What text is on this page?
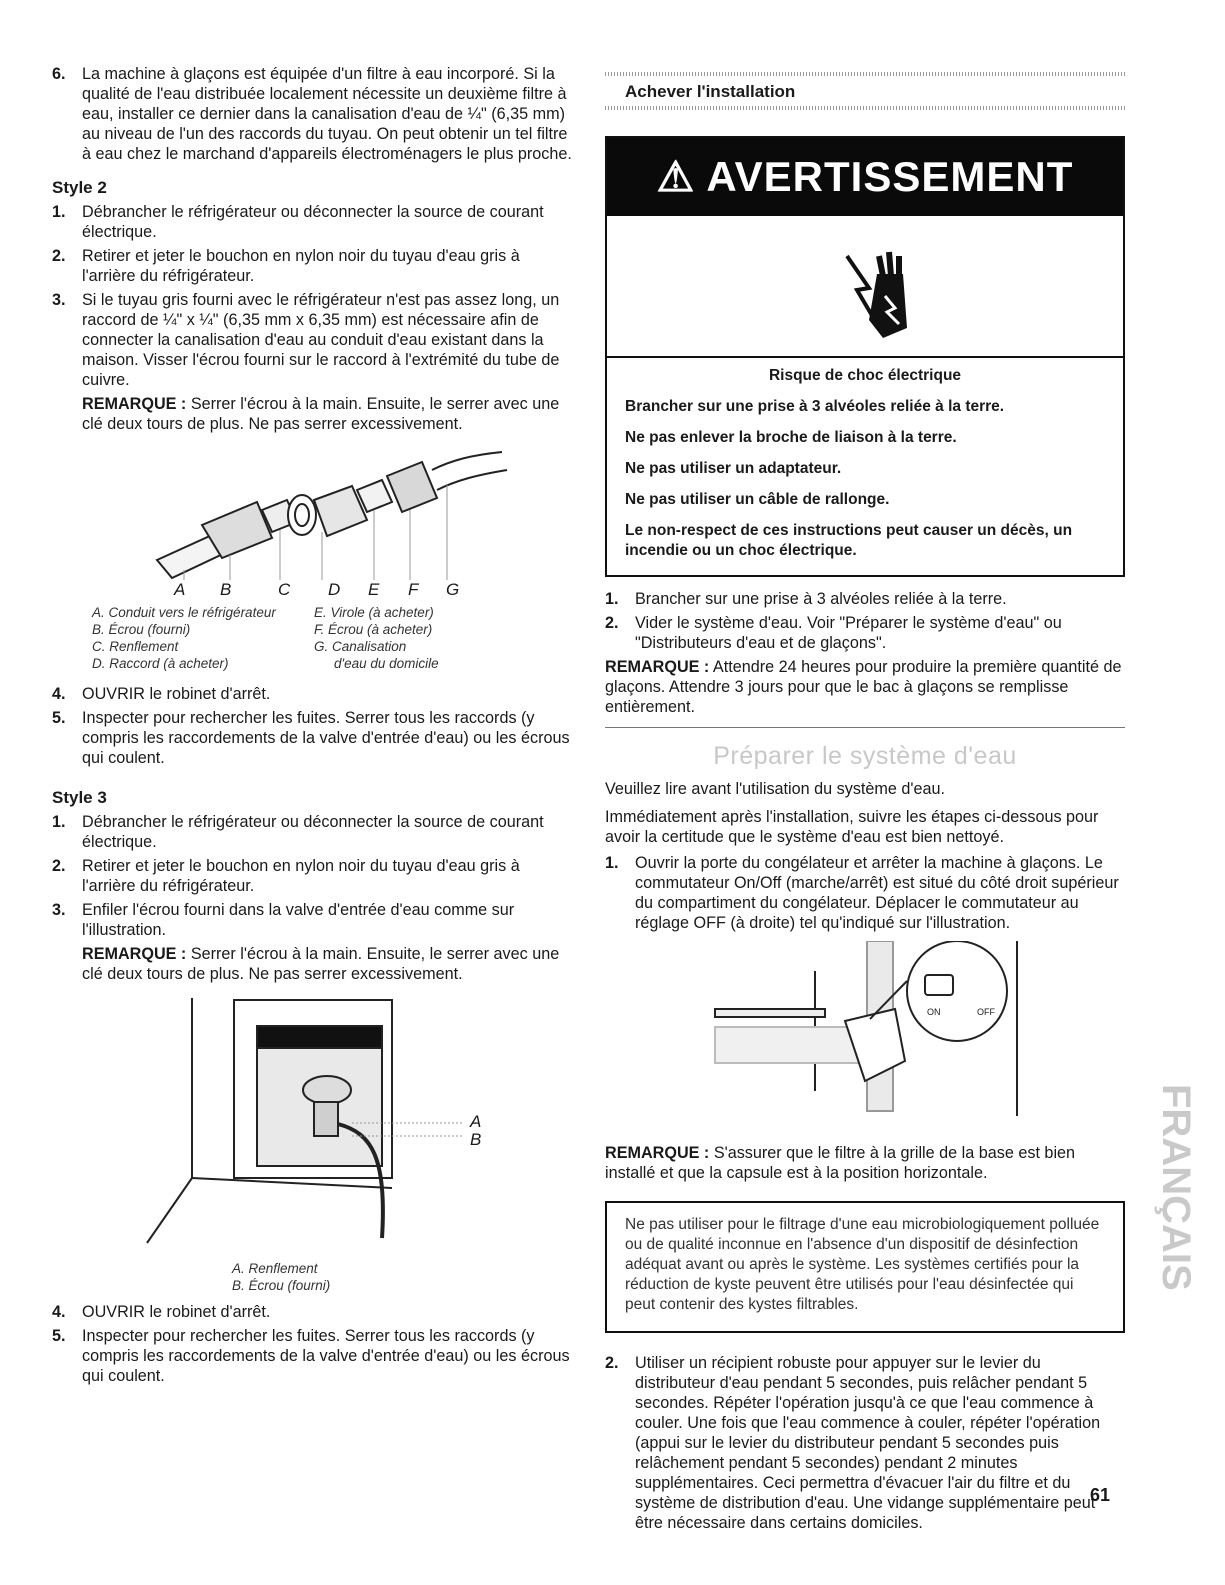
6. La machine à glaçons est équipée d'un filtre à eau incorporé. Si la qualité de l'eau distribuée localement nécessite un deuxième filtre à eau, installer ce dernier dans la canalisation d'eau de ¼" (6,35 mm) au niveau de l'un des raccords du tuyau. On peut obtenir un tel filtre à eau chez le marchand d'appareils électroménagers le plus proche.

Style 2

1. Débrancher le réfrigérateur ou déconnecter la source de courant électrique.

2. Retirer et jeter le bouchon en nylon noir du tuyau d'eau gris à l'arrière du réfrigérateur.

3. Si le tuyau gris fourni avec le réfrigérateur n'est pas assez long, un raccord de ¼" x ¼" (6,35 mm x 6,35 mm) est nécessaire afin de connecter la canalisation d'eau au conduit d'eau existant dans la maison. Visser l'écrou fourni sur le raccord à l'extrémité du tube de cuivre.

REMARQUE : Serrer l'écrou à la main. Ensuite, le serrer avec une clé deux tours de plus. Ne pas serrer excessivement.

A B	C D E F G

A. Conduit vers le réfrigérateur

B. Écrou (fourni)

C. Renflement

D. Raccord (à acheter)

E. Virole (à acheter)

F. Écrou (à acheter)

G. Canalisation

d'eau du domicile

4. OUVRIR le robinet d'arrêt.

5. Inspecter pour rechercher les fuites. Serrer tous les raccords (y compris les raccordements de la valve d'entrée d'eau) ou les écrous qui coulent.

Style 3

1. Débrancher le réfrigérateur ou déconnecter la source de courant électrique.

2. Retirer et jeter le bouchon en nylon noir du tuyau d'eau gris à l'arrière du réfrigérateur.

3. Enfiler l'écrou fourni dans la valve d'entrée d'eau comme sur l'illustration.

REMARQUE : Serrer l'écrou à la main. Ensuite, le serrer avec une clé deux tours de plus. Ne pas serrer excessivement.

A
B

A. Renflement

B. Écrou (fourni)

4. OUVRIR le robinet d'arrêt.

5. Inspecter pour rechercher les fuites. Serrer tous les raccords (y compris les raccordements de la valve d'entrée d'eau) ou les écrous qui coulent.

Achever l'installation

⚠ AVERTISSEMENT

Risque de choc électrique

Brancher sur une prise à 3 alvéoles reliée à la terre.

Ne pas enlever la broche de liaison à la terre.

Ne pas utiliser un adaptateur.

Ne pas utiliser un câble de rallonge.

Le non-respect de ces instructions peut causer un décès, un incendie ou un choc électrique.

1. Brancher sur une prise à 3 alvéoles reliée à la terre.

2. Vider le système d'eau. Voir "Préparer le système d'eau" ou "Distributeurs d'eau et de glaçons".

REMARQUE : Attendre 24 heures pour produire la première quantité de glaçons. Attendre 3 jours pour que le bac à glaçons se remplisse entièrement.

Préparer le système d'eau

Veuillez lire avant l'utilisation du système d'eau.

Immédiatement après l'installation, suivre les étapes ci-dessous pour avoir la certitude que le système d'eau est bien nettoyé.

1. Ouvrir la porte du congélateur et arrêter la machine à glaçons. Le commutateur On/Off (marche/arrêt) est situé du côté droit supérieur du compartiment du congélateur. Déplacer le commutateur au réglage OFF (à droite) tel qu'indiqué sur l'illustration.

ON	OFF

REMARQUE : S'assurer que le filtre à la grille de la base est bien installé et que la capsule est à la position horizontale.

Ne pas utiliser pour le filtrage d'une eau microbiologiquement polluée ou de qualité inconnue en l'absence d'un dispositif de désinfection adéquat avant ou après le système. Les systèmes certifiés pour la réduction de kyste peuvent être utilisés pour l'eau désinfectée qui peut contenir des kystes filtrables.

2. Utiliser un récipient robuste pour appuyer sur le levier du distributeur d'eau pendant 5 secondes, puis relâcher pendant 5 secondes. Répéter l'opération jusqu'à ce que l'eau commence à couler. Une fois que l'eau commence à couler, répéter l'opération (appui sur le levier du distributeur pendant 5 secondes puis relâchement pendant 5 secondes) pendant 2 minutes supplémentaires. Ceci permettra d'évacuer l'air du filtre et du système de distribution d'eau. Une vidange supplémentaire peut être nécessaire dans certains domiciles.

FRANÇAIS
61
